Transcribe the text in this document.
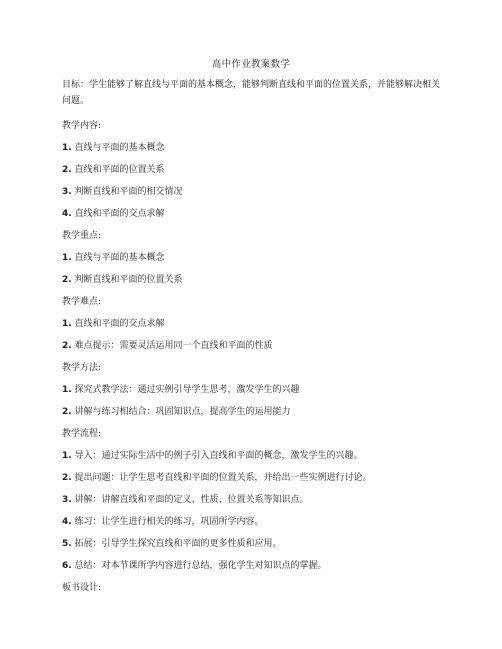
高中作业教案数学
目标：学生能够了解直线与平面的基本概念，能够判断直线和平面的位置关系，并能够解决相关问题。
教学内容:
1. 直线与平面的基本概念
2. 直线和平面的位置关系
3. 判断直线和平面的相交情况
4. 直线和平面的交点求解
教学重点:
1. 直线与平面的基本概念
2. 判断直线和平面的位置关系
教学难点:
1. 直线和平面的交点求解
2. 难点提示：需要灵活运用同一个直线和平面的性质
教学方法:
1. 探究式教学法：通过实例引导学生思考，激发学生的兴趣
2. 讲解与练习相结合：巩固知识点，提高学生的运用能力
教学流程:
1. 导入：通过实际生活中的例子引入直线和平面的概念，激发学生的兴趣。
2. 提出问题：让学生思考直线和平面的位置关系，并给出一些实例进行讨论。
3. 讲解：讲解直线和平面的定义、性质、位置关系等知识点。
4. 练习：让学生进行相关的练习，巩固所学内容。
5. 拓展：引导学生探究直线和平面的更多性质和应用。
6. 总结：对本节课所学内容进行总结，强化学生对知识点的掌握。
板书设计:
